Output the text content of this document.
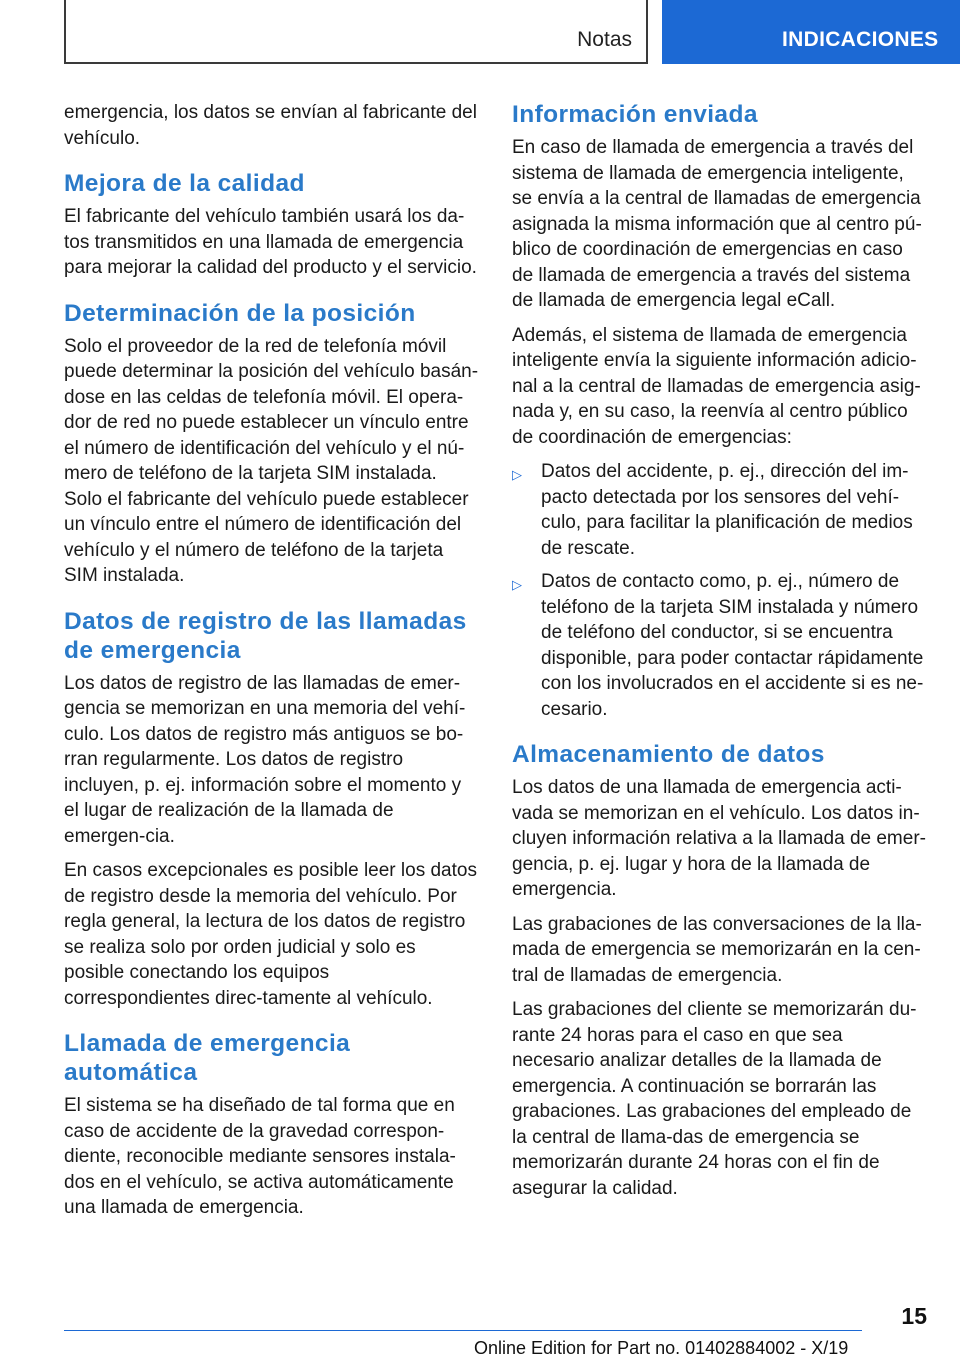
Notas	INDICACIONES

emergencia, los datos se envían al fabricante del vehículo.

Mejora de la calidad

El fabricante del vehículo también usará los da-tos transmitidos en una llamada de emergencia para mejorar la calidad del producto y el servicio.

Determinación de la posición

Solo el proveedor de la red de telefonía móvil puede determinar la posición del vehículo basán-dose en las celdas de telefonía móvil. El opera-dor de red no puede establecer un vínculo entre el número de identificación del vehículo y el nú-mero de teléfono de la tarjeta SIM instalada. Solo el fabricante del vehículo puede establecer un vínculo entre el número de identificación del vehículo y el número de teléfono de la tarjeta SIM instalada.

Datos de registro de las llamadas de emergencia

Los datos de registro de las llamadas de emer-gencia se memorizan en una memoria del vehí-culo. Los datos de registro más antiguos se bo-rran regularmente. Los datos de registro incluyen, p. ej. información sobre el momento y el lugar de realización de la llamada de emergen-cia.

En casos excepcionales es posible leer los datos de registro desde la memoria del vehículo. Por regla general, la lectura de los datos de registro se realiza solo por orden judicial y solo es posible conectando los equipos correspondientes direc-tamente al vehículo.

Llamada de emergencia automática

El sistema se ha diseñado de tal forma que en caso de accidente de la gravedad correspon-diente, reconocible mediante sensores instala-dos en el vehículo, se activa automáticamente una llamada de emergencia.

Información enviada

En caso de llamada de emergencia a través del sistema de llamada de emergencia inteligente, se envía a la central de llamadas de emergencia asignada la misma información que al centro pú-blico de coordinación de emergencias en caso de llamada de emergencia a través del sistema de llamada de emergencia legal eCall.

Además, el sistema de llamada de emergencia inteligente envía la siguiente información adicio-nal a la central de llamadas de emergencia asig-nada y, en su caso, la reenvía al centro público de coordinación de emergencias:

▷ Datos del accidente, p. ej., dirección del im-pacto detectada por los sensores del vehí-culo, para facilitar la planificación de medios de rescate.
▷ Datos de contacto como, p. ej., número de teléfono de la tarjeta SIM instalada y número de teléfono del conductor, si se encuentra disponible, para poder contactar rápidamente con los involucrados en el accidente si es ne-cesario.
Almacenamiento de datos

Los datos de una llamada de emergencia acti-vada se memorizan en el vehículo. Los datos in-cluyen información relativa a la llamada de emer-gencia, p. ej. lugar y hora de la llamada de emergencia.

Las grabaciones de las conversaciones de la lla-mada de emergencia se memorizarán en la cen-tral de llamadas de emergencia.

Las grabaciones del cliente se memorizarán du-rante 24 horas para el caso en que sea necesario analizar detalles de la llamada de emergencia. A continuación se borrarán las grabaciones. Las grabaciones del empleado de la central de llama-das de emergencia se memorizarán durante 24 horas con el fin de asegurar la calidad.

15
Online Edition for Part no. 01402884002 - X/19
